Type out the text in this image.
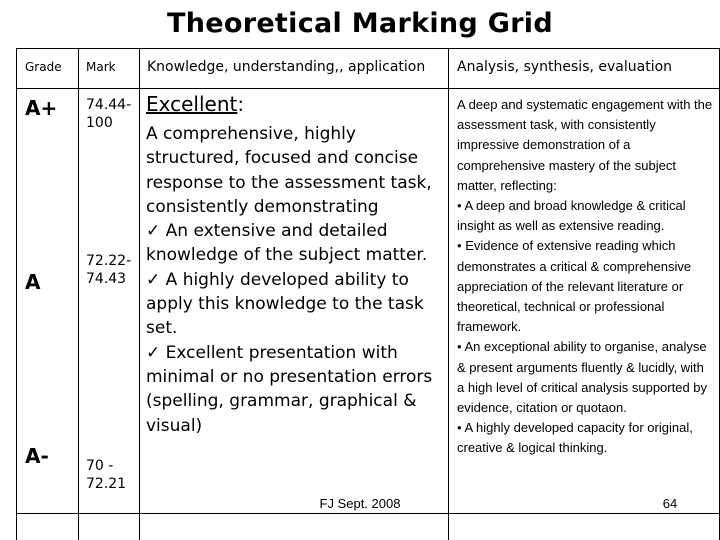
Theoretical Marking Grid
Grade Mark Knowledge, understanding,, application Analysis, synthesis, evaluation
A+
A
A-
74.44-
100
72.22-
74.43
70 -
72.21
Excellent:

A comprehensive, highly structured, focused and concise response to the assessment task, consistently demonstrating

✓ An extensive and detailed knowledge of the subject matter.

✓ A highly developed ability to apply this knowledge to the task set.

✓ Excellent presentation with minimal or no presentation errors (spelling, grammar, graphical & visual)

A deep and systematic engagement with the assessment task, with consistently impressive demonstration of a comprehensive mastery of the subject matter, reflecting:

• A deep and broad knowledge & critical insight as well as extensive reading.

• Evidence of extensive reading which demonstrates a critical & comprehensive appreciation of the relevant literature or theoretical, technical or professional framework.

• An exceptional ability to organise, analyse & present arguments fluently & lucidly, with a high level of critical analysis supported by evidence, citation or quotaon.

• A highly developed capacity for original, creative & logical thinking.

FJ Sept. 2008	64
